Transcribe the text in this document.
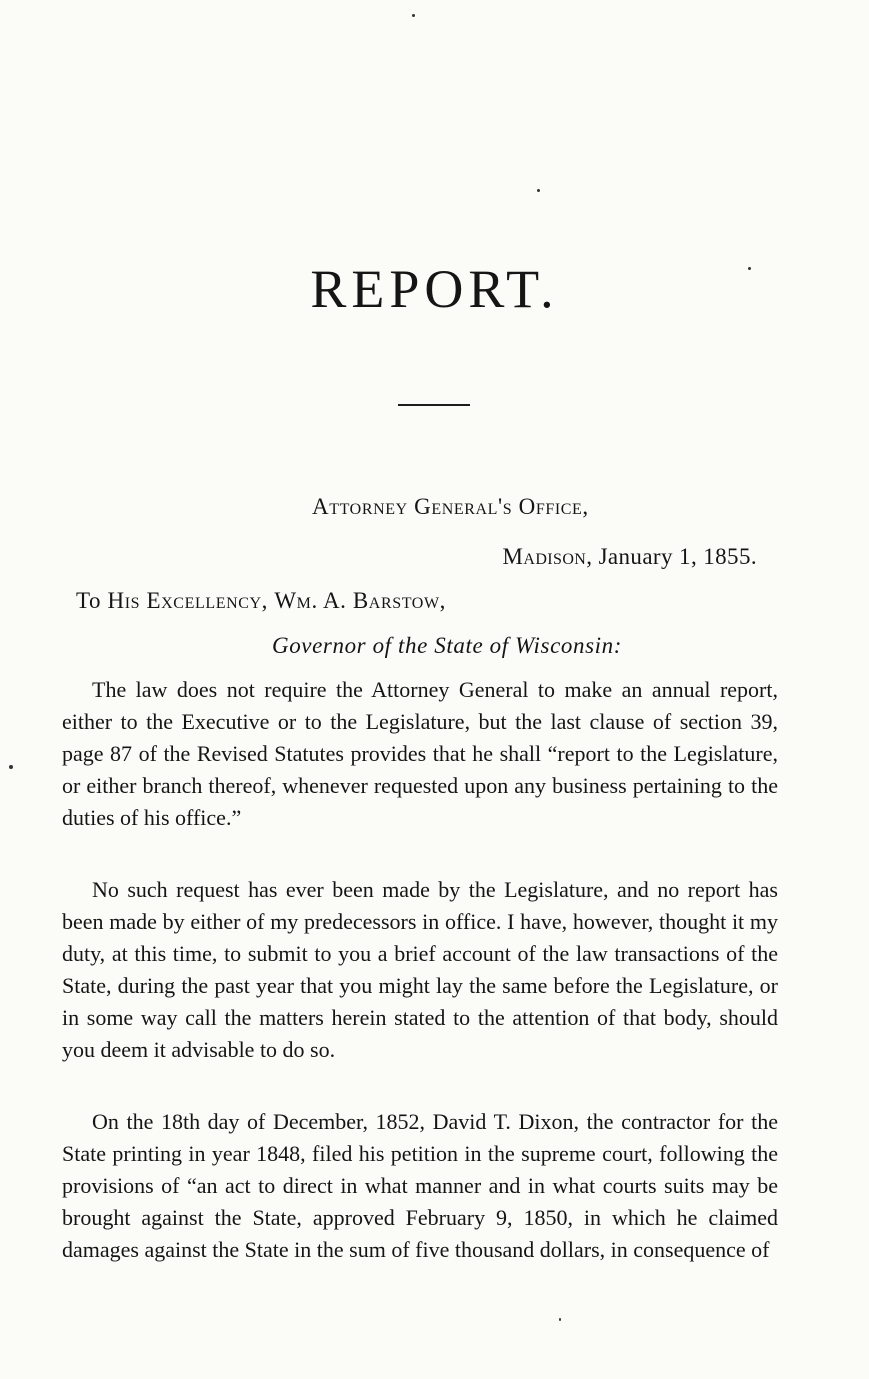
REPORT.
Attorney General's Office,
Madison, January 1, 1855.
To His Excellency, Wm. A. Barstow,
Governor of the State of Wisconsin:

The law does not require the Attorney General to make an annual report, either to the Executive or to the Legislature, but the last clause of section 39, page 87 of the Revised Statutes provides that he shall “report to the Legislature, or either branch thereof, whenever requested upon any business pertaining to the duties of his office.”

No such request has ever been made by the Legislature, and no report has been made by either of my predecessors in office. I have, however, thought it my duty, at this time, to submit to you a brief account of the law transactions of the State, during the past year that you might lay the same before the Legislature, or in some way call the matters herein stated to the attention of that body, should you deem it advisable to do so.

On the 18th day of December, 1852, David T. Dixon, the contractor for the State printing in year 1848, filed his petition in the supreme court, following the provisions of “an act to direct in what manner and in what courts suits may be brought against the State, approved February 9, 1850, in which he claimed damages against the State in the sum of five thousand dollars, in consequence of
